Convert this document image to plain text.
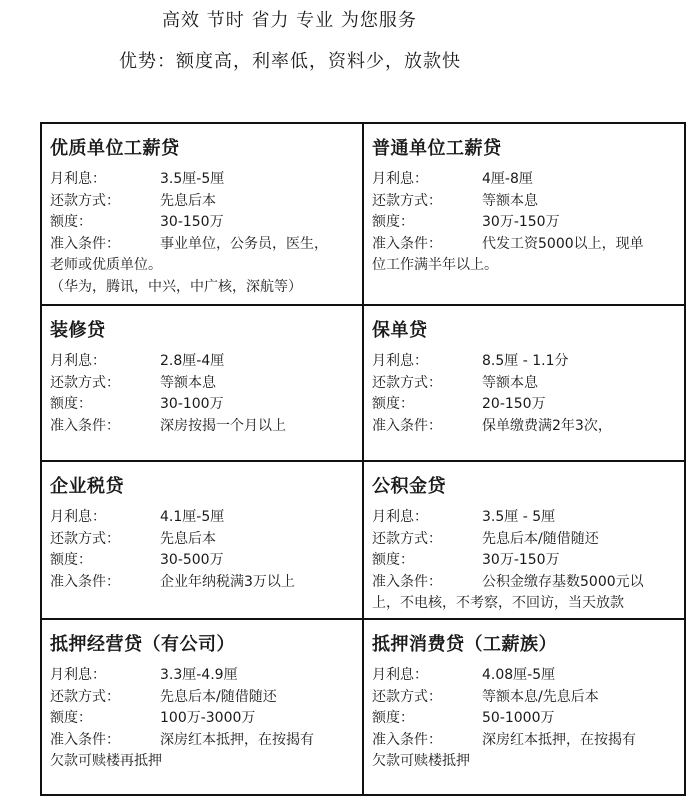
高效 节时 省力 专业 为您服务
优势：额度高，利率低，资料少，放款快
优质单位工薪贷
月利息：	3.5厘-5厘
还款方式：	先息后本
额度：	30-150万
准入条件：	事业单位，公务员，医生，
老师或优质单位。
（华为，腾讯，中兴，中广核，深航等）
普通单位工薪贷
月利息：	4厘-8厘
还款方式：	等额本息
额度：	30万-150万
准入条件：	代发工资5000以上，现单
位工作满半年以上。
装修贷
月利息：	2.8厘-4厘
还款方式：	等额本息
额度：	30-100万
准入条件：	深房按揭一个月以上
保单贷
月利息：	8.5厘 - 1.1分
还款方式：	等额本息
额度：	20-150万
准入条件：	保单缴费满2年3次，
企业税贷
月利息：	4.1厘-5厘
还款方式：	先息后本
额度：	30-500万
准入条件：	企业年纳税满3万以上
公积金贷
月利息：	3.5厘 - 5厘
还款方式：	先息后本/随借随还
额度：	30万-150万
准入条件：	公积金缴存基数5000元以
上，不电核，不考察，不回访，当天放款
抵押经营贷（有公司）
月利息：	3.3厘-4.9厘
还款方式：	先息后本/随借随还
额度：	100万-3000万
准入条件：	深房红本抵押，在按揭有
欠款可赎楼再抵押
抵押消费贷（工薪族）
月利息：	4.08厘-5厘
还款方式：	等额本息/先息后本
额度：	50-1000万
准入条件：	深房红本抵押，在按揭有
欠款可赎楼抵押
